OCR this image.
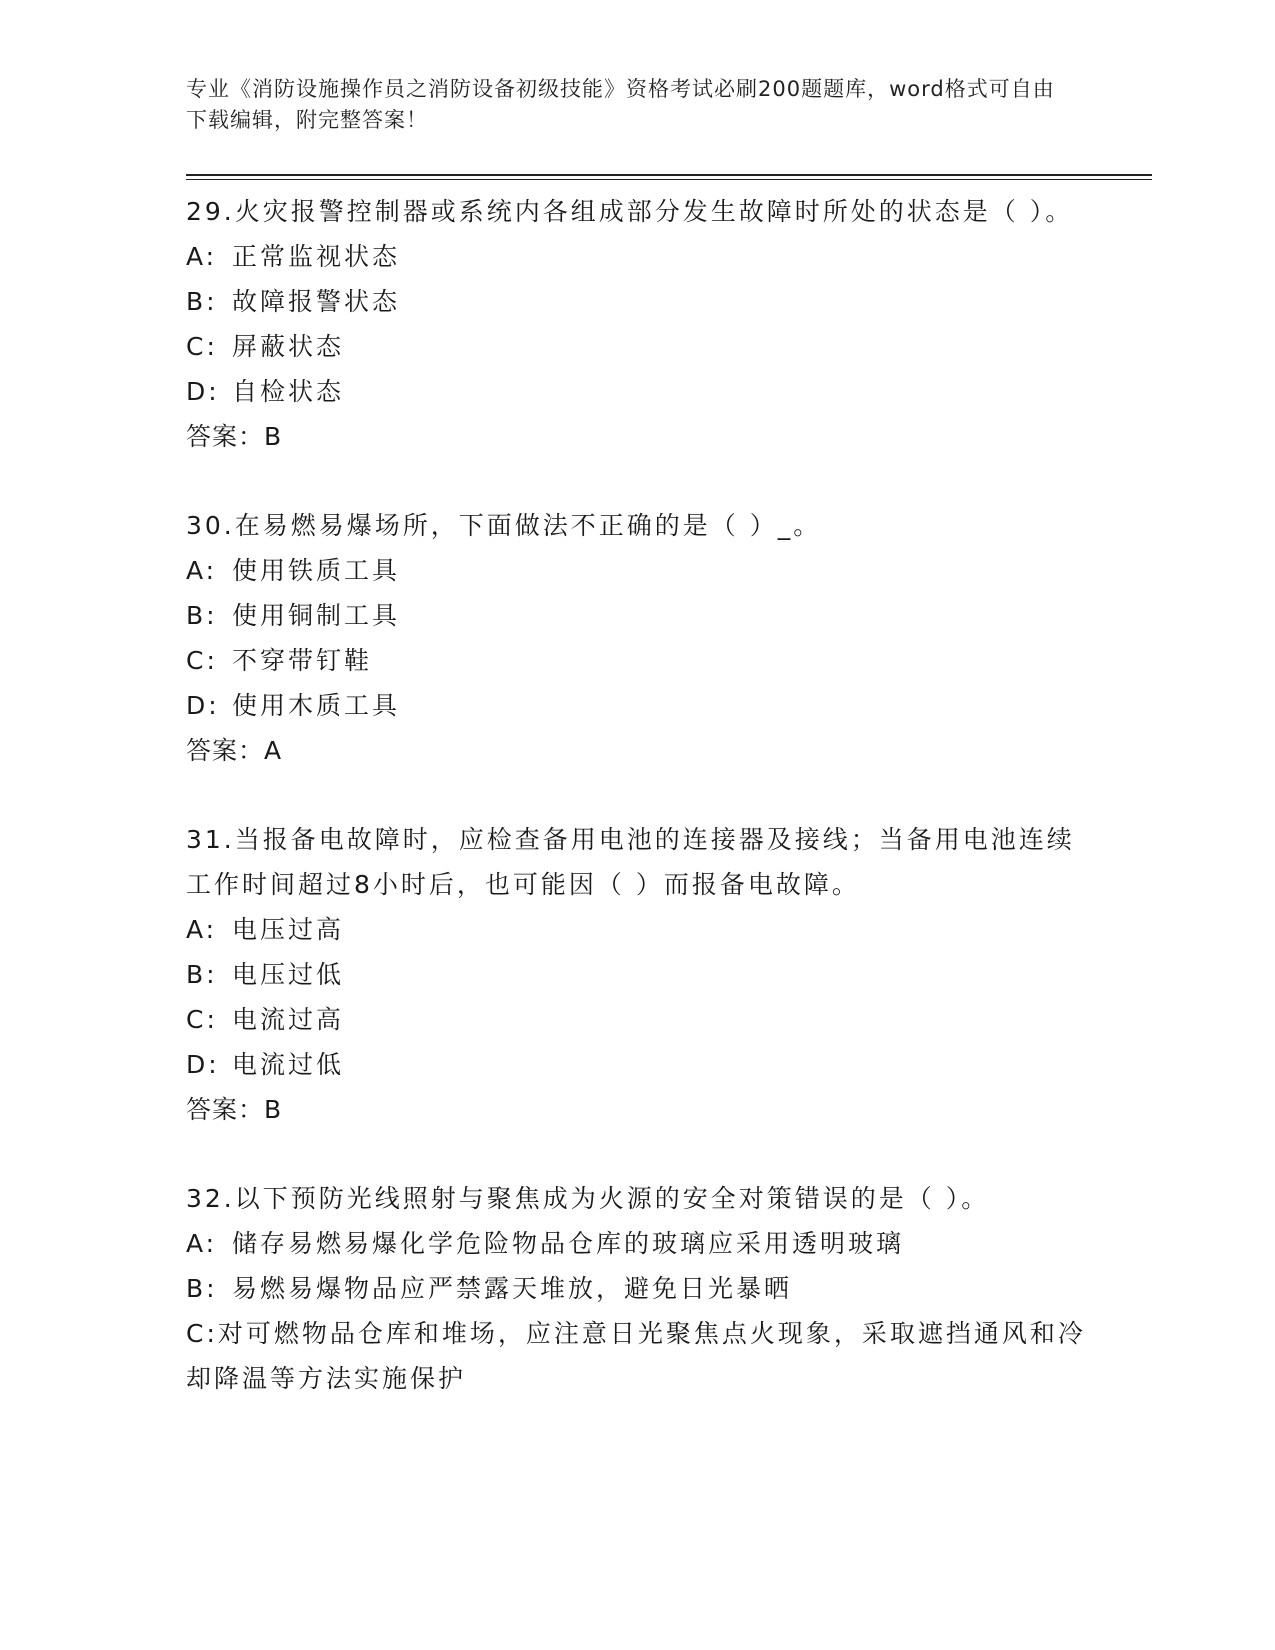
专业《消防设施操作员之消防设备初级技能》资格考试必刷200题题库，word格式可自由下载编辑，附完整答案！

29.火灾报警控制器或系统内各组成部分发生故障时所处的状态是（ ）。

A: 正常监视状态

B: 故障报警状态

C: 屏蔽状态

D: 自检状态

答案：B

30.在易燃易爆场所，下面做法不正确的是（ ）_。

A: 使用铁质工具

B: 使用铜制工具

C: 不穿带钉鞋

D: 使用木质工具

答案：A

31.当报备电故障时，应检查备用电池的连接器及接线；当备用电池连续工作时间超过8小时后，也可能因（ ）而报备电故障。

A: 电压过高

B: 电压过低

C: 电流过高

D: 电流过低

答案：B

32.以下预防光线照射与聚焦成为火源的安全对策错误的是（ ）。

A: 储存易燃易爆化学危险物品仓库的玻璃应采用透明玻璃

B: 易燃易爆物品应严禁露天堆放，避免日光暴晒

C:对可燃物品仓库和堆场，应注意日光聚焦点火现象，采取遮挡通风和冷却降温等方法实施保护
